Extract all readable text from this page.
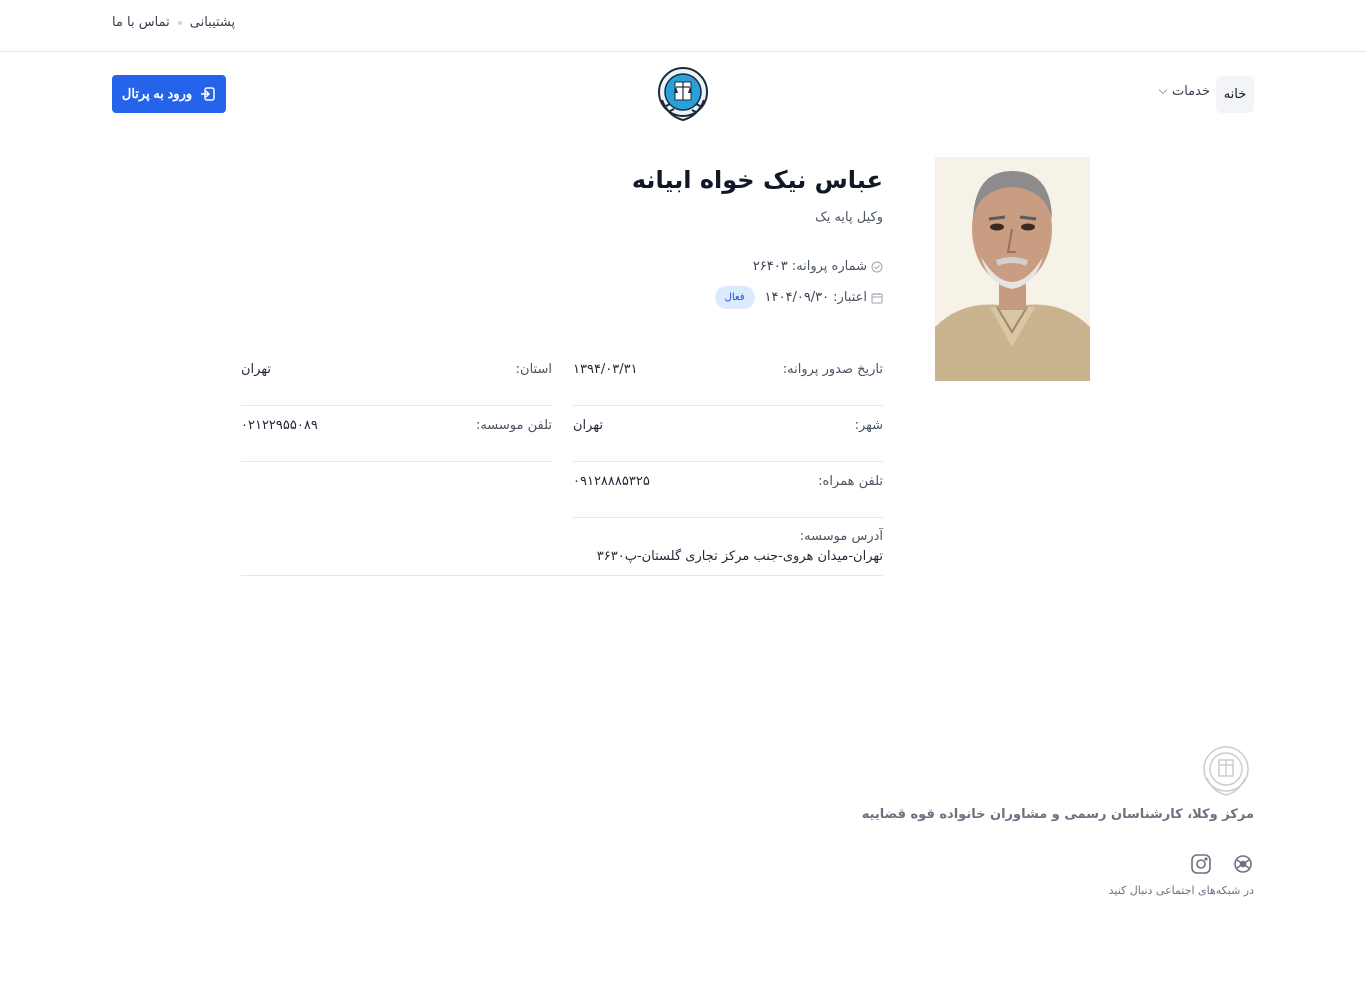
پشتیبانی
تماس با ما
خانه
خدمات
ورود به پرتال
عباس نیک خواه ابیانه
وکیل پایه یک
شماره پروانه:
۲۶۴۰۳
اعتبار:
۱۴۰۴/۰۹/۳۰
فعال
تاریخ صدور پروانه:
۱۳۹۴/۰۳/۳۱
استان:
تهران
شهر:
تهران
تلفن موسسه:
۰۲۱۲۲۹۵۵۰۸۹
تلفن همراه:
۰۹۱۲۸۸۸۵۳۲۵
آدرس موسسه:
تهران-میدان هروی-جنب مرکز تجاری گلستان-پ۳۶۳۰
مرکز وکلا، کارشناسان رسمی و مشاوران خانواده قوه قضاییه
در شبکه‌های اجتماعی دنبال کنید
